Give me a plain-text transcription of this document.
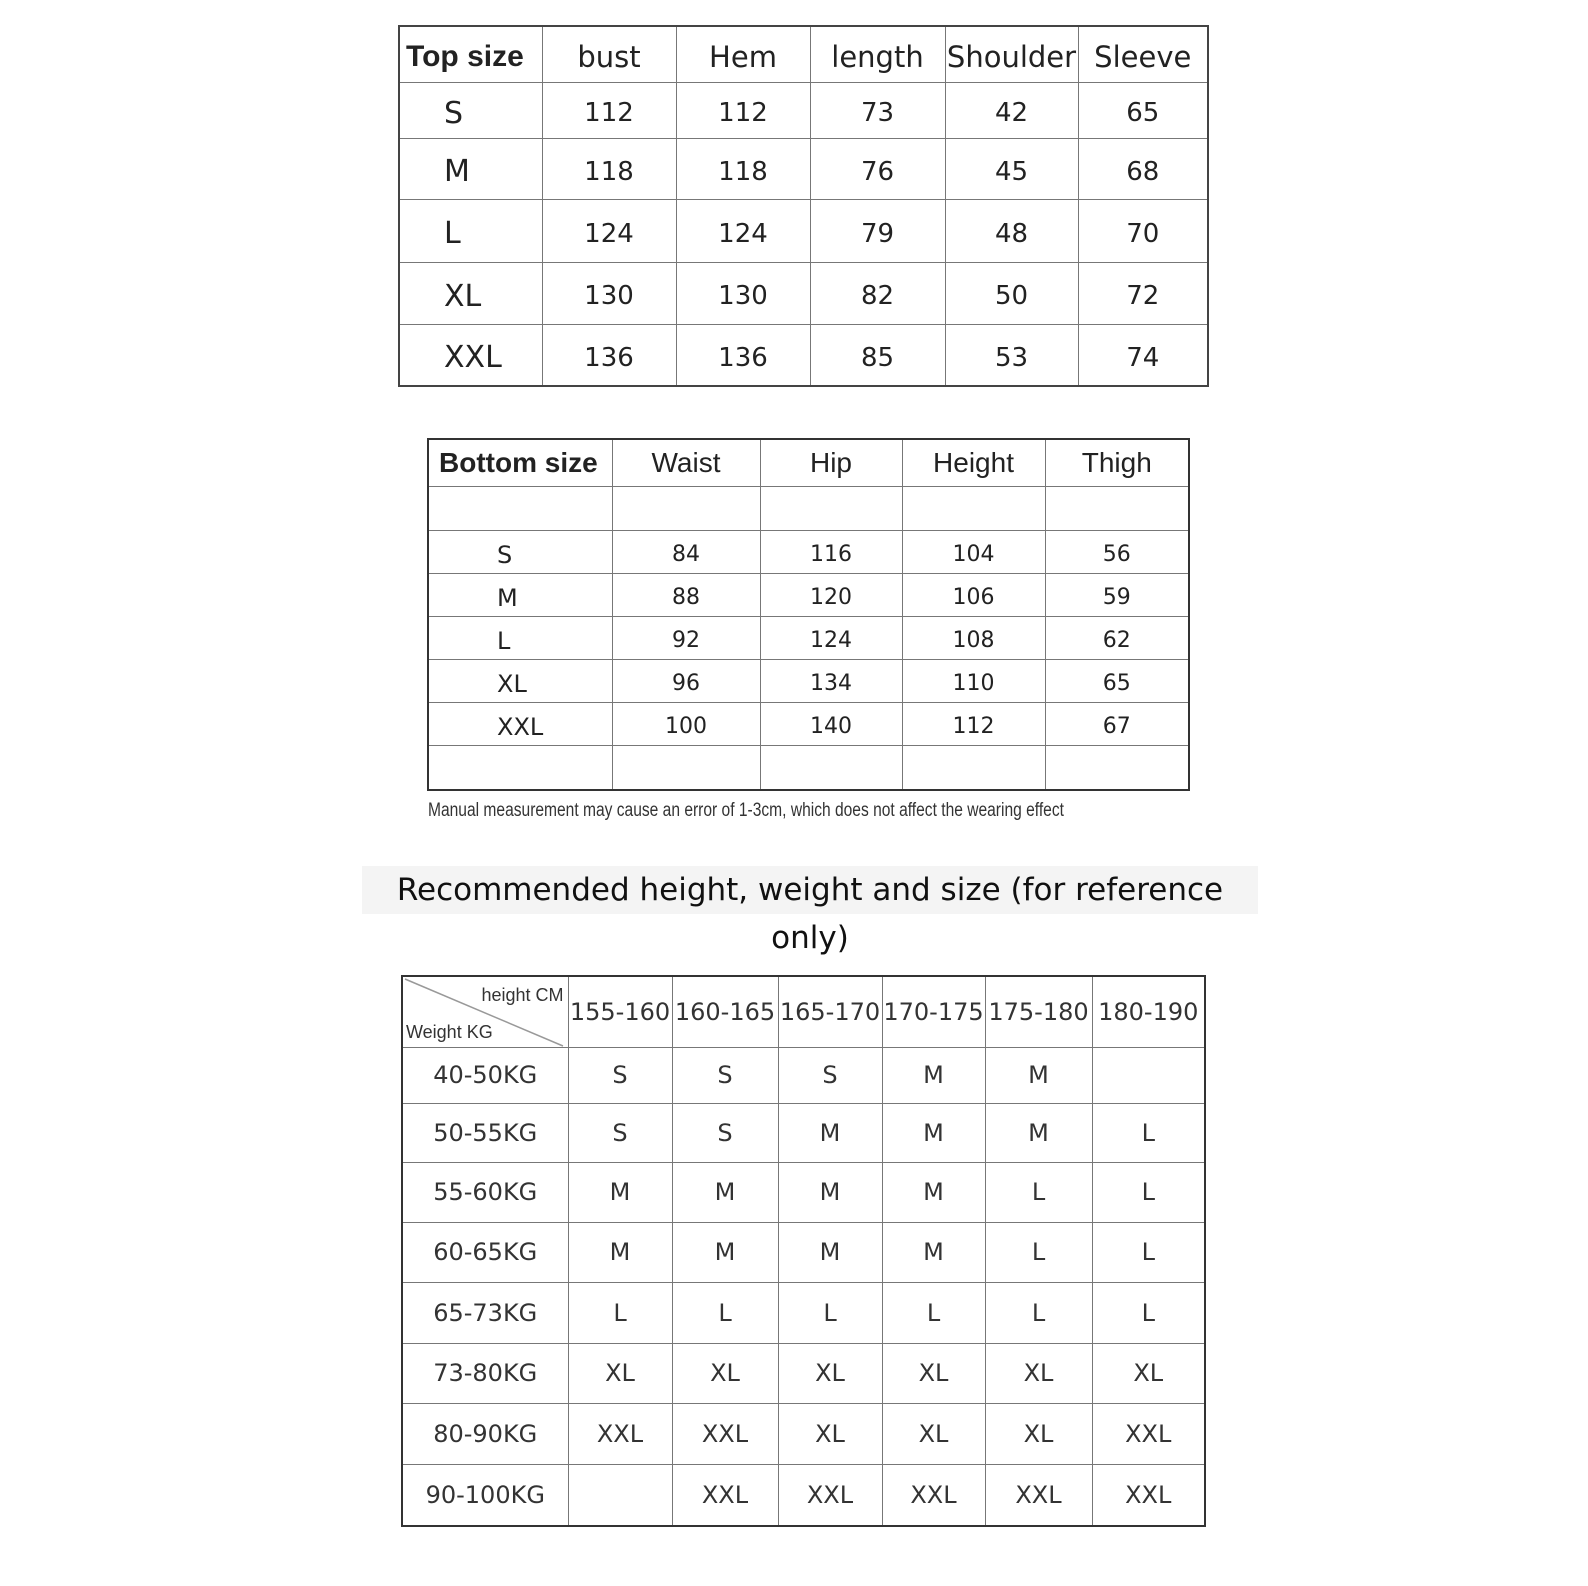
Top size	bust	Hem	length	Shoulder	Sleeve
S	112	112	73	42	65
M	118	118	76	45	68
L	124	124	79	48	70
XL	130	130	82	50	72
XXL	136	136	85	53	74
Bottom size	Waist	Hip	Height	Thigh

S	84	116	104	56
M	88	120	106	59
L	92	124	108	62
XL	96	134	110	65
XXL	100	140	112	67

Manual measurement may cause an error of 1-3cm, which does not affect the wearing effect
Recommended height, weight and size (for reference only)
height CM
Weight KG	155-160	160-165	165-170	170-175	175-180	180-190
40-50KG	S	S	S	M	M	
50-55KG	S	S	M	M	M	L
55-60KG	M	M	M	M	L	L
60-65KG	M	M	M	M	L	L
65-73KG	L	L	L	L	L	L
73-80KG	XL	XL	XL	XL	XL	XL
80-90KG	XXL	XXL	XL	XL	XL	XXL
90-100KG		XXL	XXL	XXL	XXL	XXL
